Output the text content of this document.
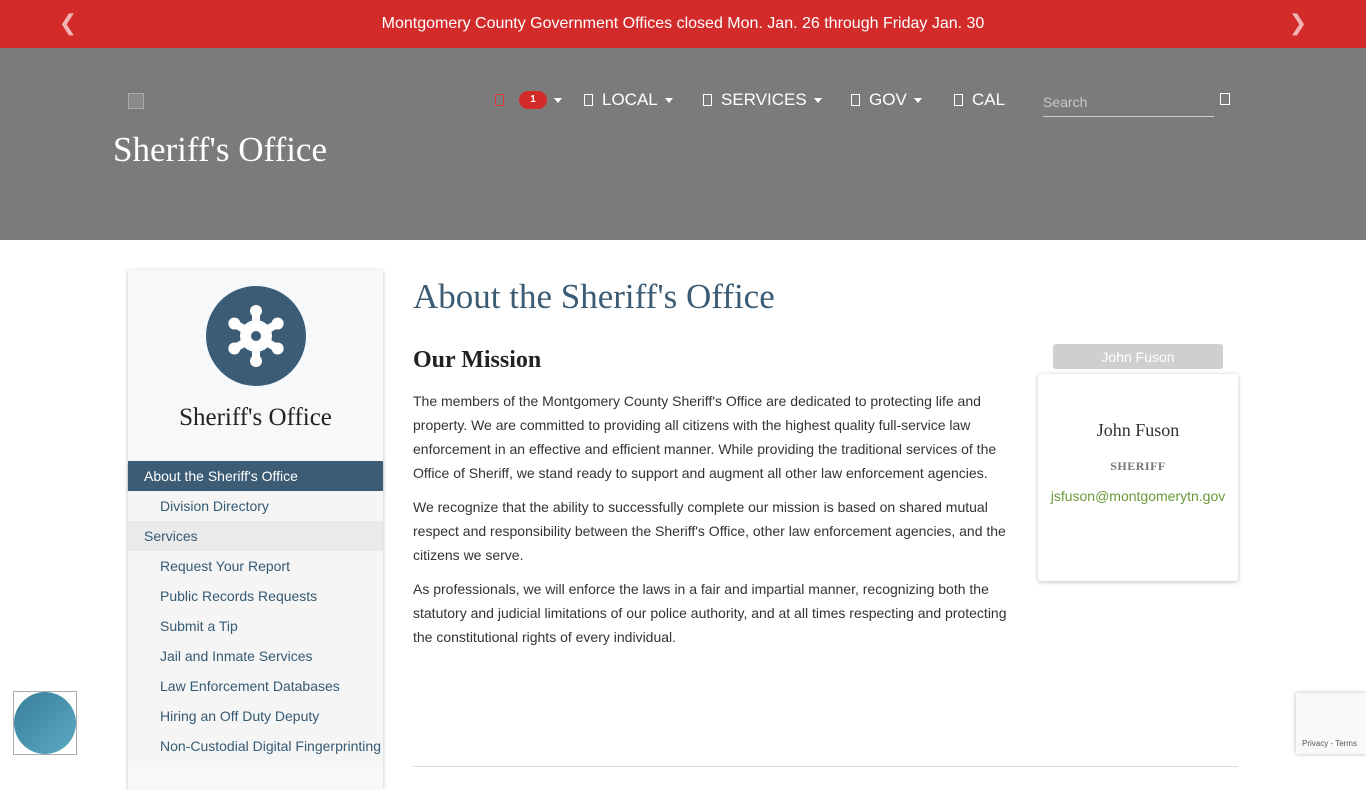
❮	Montgomery County Government Offices closed Mon. Jan. 26 through Friday Jan. 30	❯
Sheriff's Office
1	LOCAL	SERVICES	GOV	CAL
Search
Sheriff's Office
About the Sheriff's Office
Division Directory
Services
Request Your Report
Public Records Requests
Submit a Tip
Jail and Inmate Services
Law Enforcement Databases
Hiring an Off Duty Deputy
Non-Custodial Digital Fingerprinting
About the Sheriff's Office
Our Mission

The members of the Montgomery County Sheriff's Office are dedicated to protecting life and property. We are committed to providing all citizens with the highest quality full-service law enforcement in an effective and efficient manner. While providing the traditional services of the Office of Sheriff, we stand ready to support and augment all other law enforcement agencies.

We recognize that the ability to successfully complete our mission is based on shared mutual respect and responsibility between the Sheriff's Office, other law enforcement agencies, and the citizens we serve.

As professionals, we will enforce the laws in a fair and impartial manner, recognizing both the statutory and judicial limitations of our police authority, and at all times respecting and protecting the constitutional rights of every individual.

John Fuson
John Fuson
SHERIFF
jsfuson@montgomerytn.gov
Privacy - Terms
